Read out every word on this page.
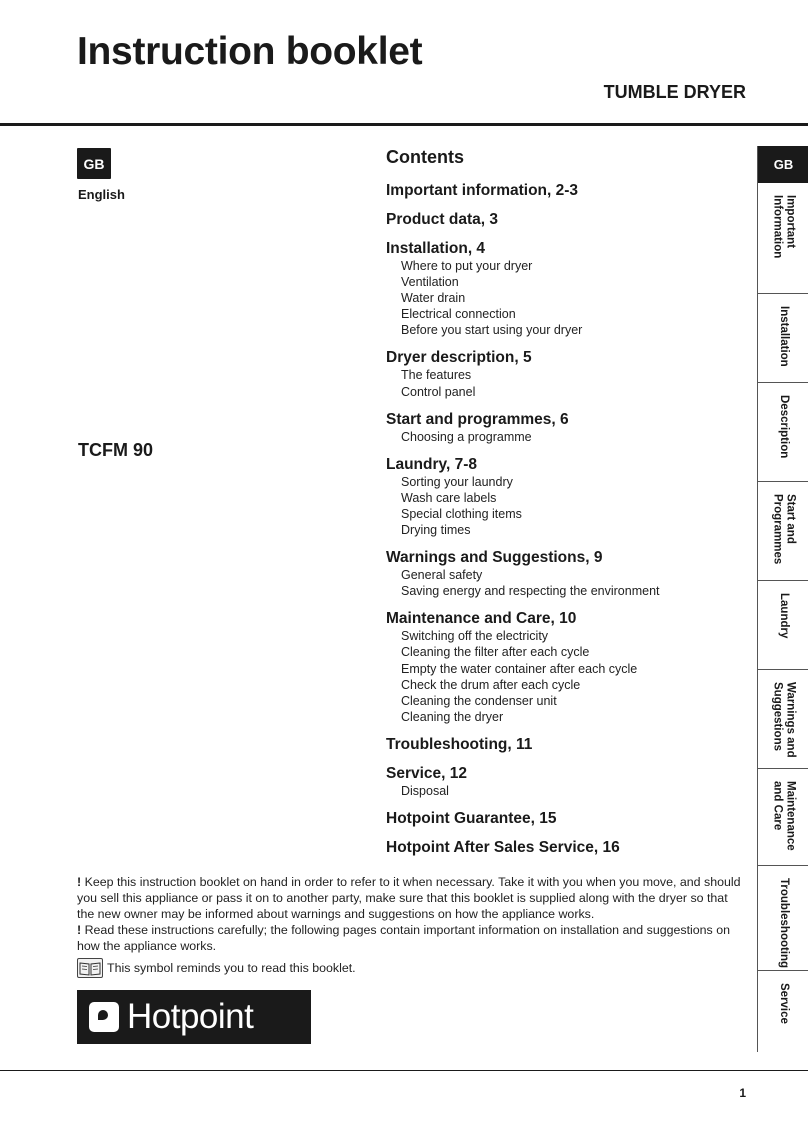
Instruction booklet
TUMBLE DRYER
GB
English
TCFM 90
Contents
Important information, 2-3
Product data, 3
Installation, 4
Where to put your dryer
Ventilation
Water drain
Electrical connection
Before you start using your dryer
Dryer description, 5
The features
Control panel
Start and programmes, 6
Choosing a programme
Laundry, 7-8
Sorting your laundry
Wash care labels
Special clothing items
Drying times
Warnings and Suggestions, 9
General safety
Saving energy and respecting the environment
Maintenance and Care, 10
Switching off the electricity
Cleaning the filter after each cycle
Empty the water container after each cycle
Check the drum after each cycle
Cleaning the condenser unit
Cleaning the dryer
Troubleshooting, 11
Service, 12
Disposal
Hotpoint Guarantee, 15
Hotpoint After Sales Service, 16

! Keep this instruction booklet on hand in order to refer to it when necessary. Take it with you when you move, and should you sell this appliance or pass it on to another party, make sure that this booklet is supplied along with the dryer so that the new owner may be informed about warnings and suggestions on how the appliance works.

! Read these instructions carefully; the following pages contain important information on installation and suggestions on how the appliance works.

This symbol reminds you to read this booklet.
Hotpoint
GB
Important Information
Installation
Description
Start and Programmes
Laundry
Warnings and Suggestions
Maintenance and Care
Troubleshooting
Service
1
